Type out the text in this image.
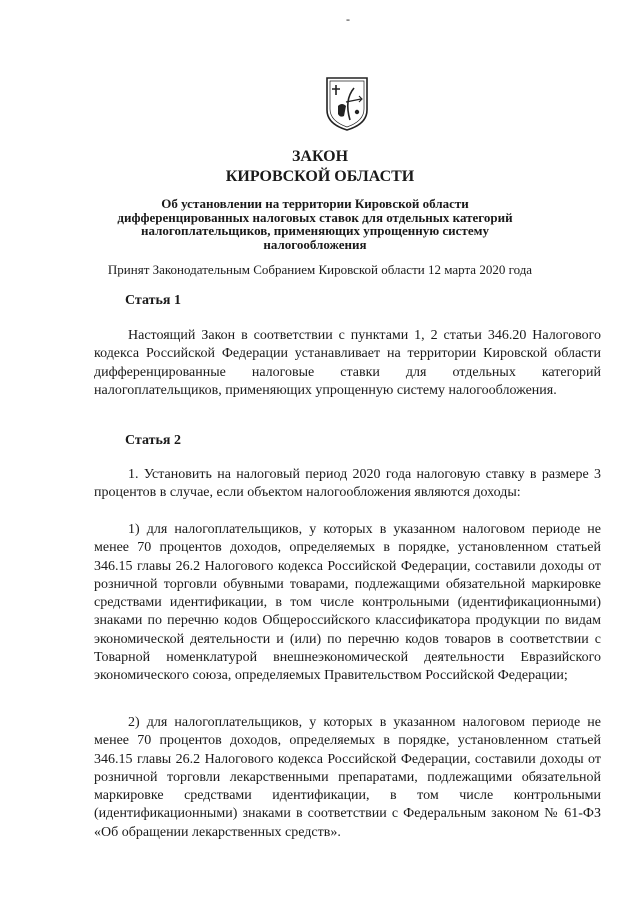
-
ЗАКОН
КИРОВСКОЙ ОБЛАСТИ
Об установлении на территории Кировской области дифференцированных налоговых ставок для отдельных категорий налогоплательщиков, применяющих упрощенную систему налогообложения
Принят Законодательным Собранием Кировской области 12 марта 2020 года
Статья 1

Настоящий Закон в соответствии с пунктами 1, 2 статьи 346.20 Налогового кодекса Российской Федерации устанавливает на территории Кировской области дифференцированные налоговые ставки для отдельных категорий налогоплательщиков, применяющих упрощенную систему налогообложения.

Статья 2

1. Установить на налоговый период 2020 года налоговую ставку в размере 3 процентов в случае, если объектом налогообложения являются доходы:

1) для налогоплательщиков, у которых в указанном налоговом периоде не менее 70 процентов доходов, определяемых в порядке, установленном статьей 346.15 главы 26.2 Налогового кодекса Российской Федерации, составили доходы от розничной торговли обувными товарами, подлежащими обязательной маркировке средствами идентификации, в том числе контрольными (идентификационными) знаками по перечню кодов Общероссийского классификатора продукции по видам экономической деятельности и (или) по перечню кодов товаров в соответствии с Товарной номенклатурой внешнеэкономической деятельности Евразийского экономического союза, определяемых Правительством Российской Федерации;

2) для налогоплательщиков, у которых в указанном налоговом периоде не менее 70 процентов доходов, определяемых в порядке, установленном статьей 346.15 главы 26.2 Налогового кодекса Российской Федерации, составили доходы от розничной торговли лекарственными препаратами, подлежащими обязательной маркировке средствами идентификации, в том числе контрольными (идентификационными) знаками в соответствии с Федеральным законом № 61-ФЗ «Об обращении лекарственных средств».
